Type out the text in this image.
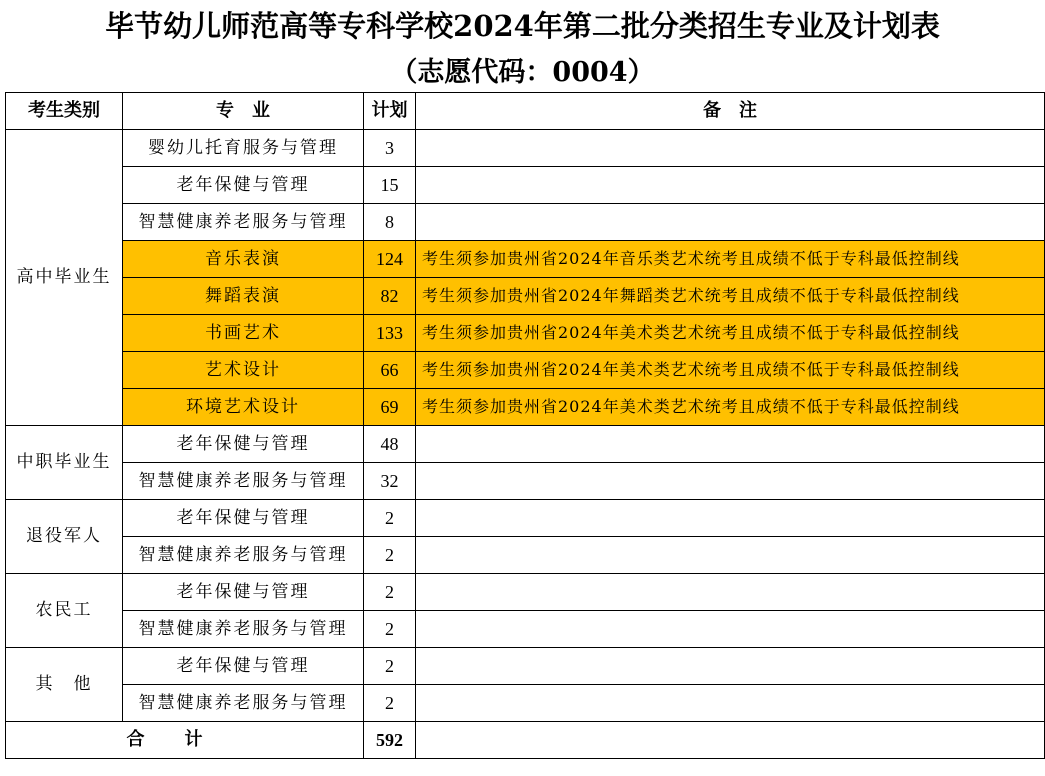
毕节幼儿师范高等专科学校2024年第二批分类招生专业及计划表
（志愿代码：0004）
考生类别	专　业	计划	备　注
高中毕业生	婴幼儿托育服务与管理	3	
	老年保健与管理	15	
	智慧健康养老服务与管理	8	
	音乐表演	124	考生须参加贵州省2024年音乐类艺术统考且成绩不低于专科最低控制线
	舞蹈表演	82	考生须参加贵州省2024年舞蹈类艺术统考且成绩不低于专科最低控制线
	书画艺术	133	考生须参加贵州省2024年美术类艺术统考且成绩不低于专科最低控制线
	艺术设计	66	考生须参加贵州省2024年美术类艺术统考且成绩不低于专科最低控制线
	环境艺术设计	69	考生须参加贵州省2024年美术类艺术统考且成绩不低于专科最低控制线
中职毕业生	老年保健与管理	48	
	智慧健康养老服务与管理	32	
退役军人	老年保健与管理	2	
	智慧健康养老服务与管理	2	
农民工	老年保健与管理	2	
	智慧健康养老服务与管理	2	
其　他	老年保健与管理	2	
	智慧健康养老服务与管理	2	
合计		592	
